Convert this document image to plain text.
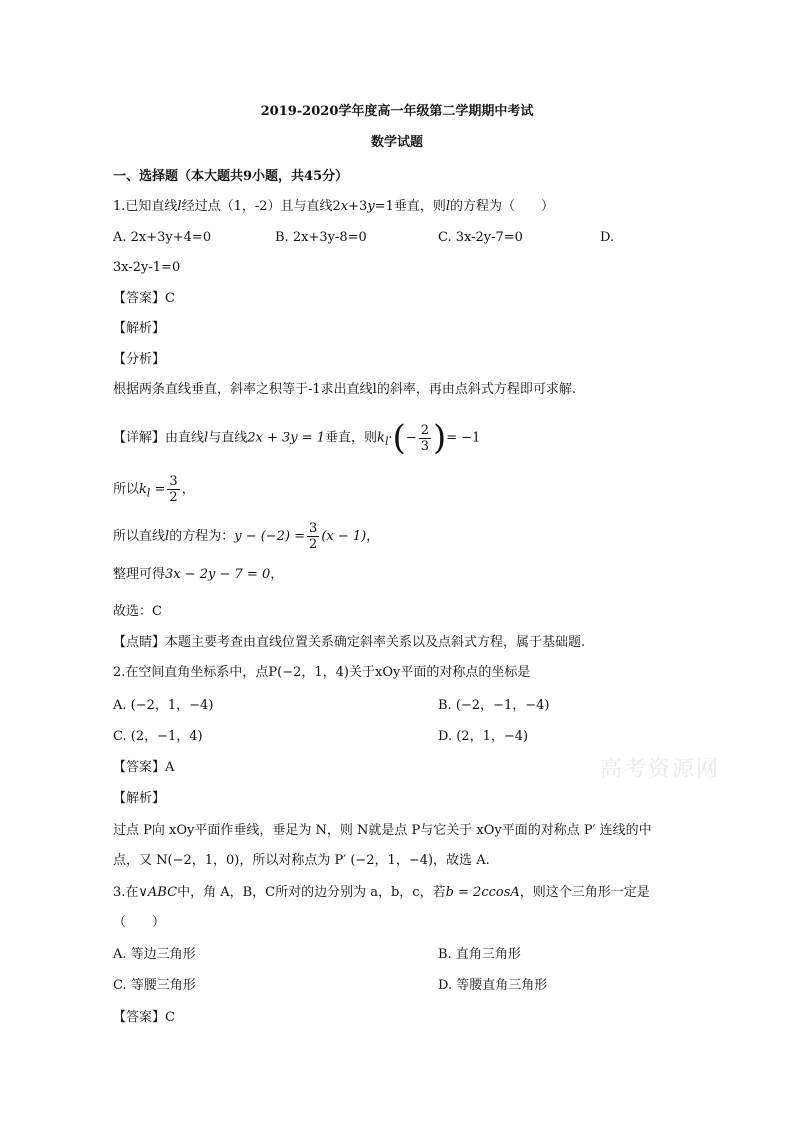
2019-2020学年度高一年级第二学期期中考试
数学试题
一、选择题（本大题共9小题，共45分）
1.已知直线l经过点（1，-2）且与直线2x+3y=1垂直，则l的方程为（　　）
A. 2x+3y+4=0	B. 2x+3y-8=0	C. 3x-2y-7=0	D.
3x-2y-1=0
【答案】C
【解析】
【分析】
根据两条直线垂直，斜率之积等于-1求出直线l的斜率，再由点斜式方程即可求解.
【详解】由直线l与直线2x + 3y = 1垂直，则$k_l\cdot(- \frac{2}{3}$ )= −1
所以$k_l = \frac{3}{2}$ ，
所以直线l的方程为：$y - (-2) = \frac{3}{2} (x - 1)$，
整理可得3x − 2y − 7 = 0，
故选：C
【点睛】本题主要考查由直线位置关系确定斜率关系以及点斜式方程，属于基础题.
2.在空间直角坐标系中，点P(−2，1，4)关于xOy平面的对称点的坐标是
A. (−2，1，−4)	B. (−2，−1，−4)
C. (2，−1，4)	D. (2，1，−4)
【答案】A
【解析】
过点 P向 xOy平面作垂线，垂足为 N，则 N就是点 P与它关于 xOy平面的对称点 P′ 连线的中
点，又 N(−2，1，0)，所以对称点为 P′ (−2，1，−4)，故选 A.
3.在∨ABC中，角 A，B，C所对的边分别为 a，b，c，若b = 2ccosA，则这个三角形一定是
（　　）
A. 等边三角形	B. 直角三角形
C. 等腰三角形	D. 等腰直角三角形
【答案】C
高考资源网
